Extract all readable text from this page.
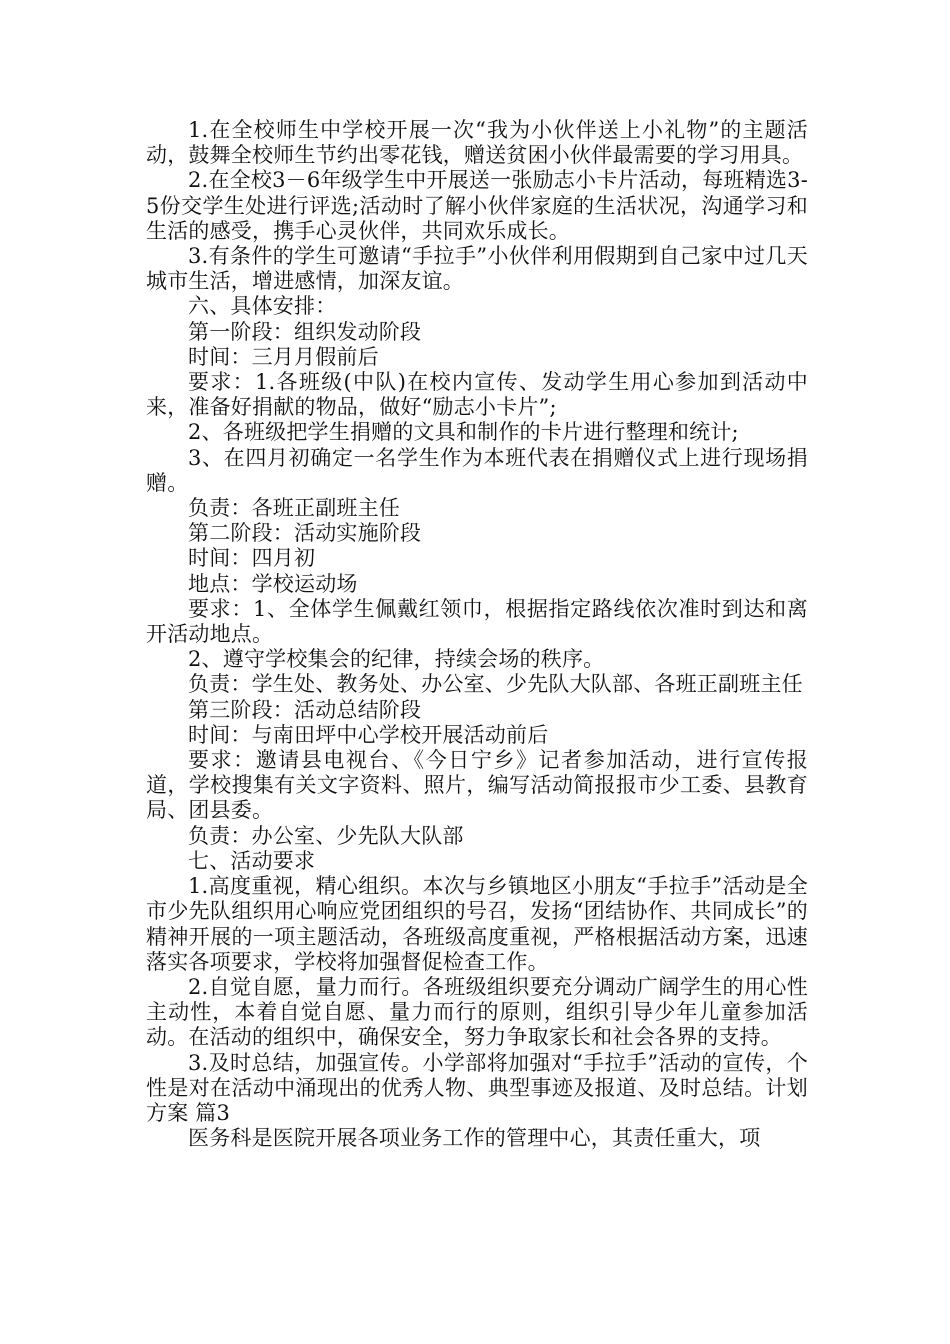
1.在全校师生中学校开展一次“我为小伙伴送上小礼物”的主题活动，鼓舞全校师生节约出零花钱，赠送贫困小伙伴最需要的学习用具。

2.在全校3－6年级学生中开展送一张励志小卡片活动，每班精选3-5份交学生处进行评选;活动时了解小伙伴家庭的生活状况，沟通学习和生活的感受，携手心灵伙伴，共同欢乐成长。

3.有条件的学生可邀请“手拉手”小伙伴利用假期到自己家中过几天城市生活，增进感情，加深友谊。

六、具体安排：

第一阶段：组织发动阶段

时间：三月月假前后

要求：1.各班级(中队)在校内宣传、发动学生用心参加到活动中来，准备好捐献的物品，做好“励志小卡片”;

2、各班级把学生捐赠的文具和制作的卡片进行整理和统计;

3、在四月初确定一名学生作为本班代表在捐赠仪式上进行现场捐赠。

负责：各班正副班主任

第二阶段：活动实施阶段

时间：四月初

地点：学校运动场

要求：1、全体学生佩戴红领巾，根据指定路线依次准时到达和离开活动地点。

2、遵守学校集会的纪律，持续会场的秩序。

负责：学生处、教务处、办公室、少先队大队部、各班正副班主任

第三阶段：活动总结阶段

时间：与南田坪中心学校开展活动前后

要求：邀请县电视台、《今日宁乡》记者参加活动，进行宣传报道，学校搜集有关文字资料、照片，编写活动简报报市少工委、县教育局、团县委。

负责：办公室、少先队大队部

七、活动要求

1.高度重视，精心组织。本次与乡镇地区小朋友“手拉手”活动是全市少先队组织用心响应党团组织的号召，发扬“团结协作、共同成长”的精神开展的一项主题活动，各班级高度重视，严格根据活动方案，迅速落实各项要求，学校将加强督促检查工作。

2.自觉自愿，量力而行。各班级组织要充分调动广阔学生的用心性主动性，本着自觉自愿、量力而行的原则，组织引导少年儿童参加活动。在活动的组织中，确保安全，努力争取家长和社会各界的支持。

3.及时总结，加强宣传。小学部将加强对“手拉手”活动的宣传，个性是对在活动中涌现出的优秀人物、典型事迹及报道、及时总结。计划方案 篇3

医务科是医院开展各项业务工作的管理中心，其责任重大，项
